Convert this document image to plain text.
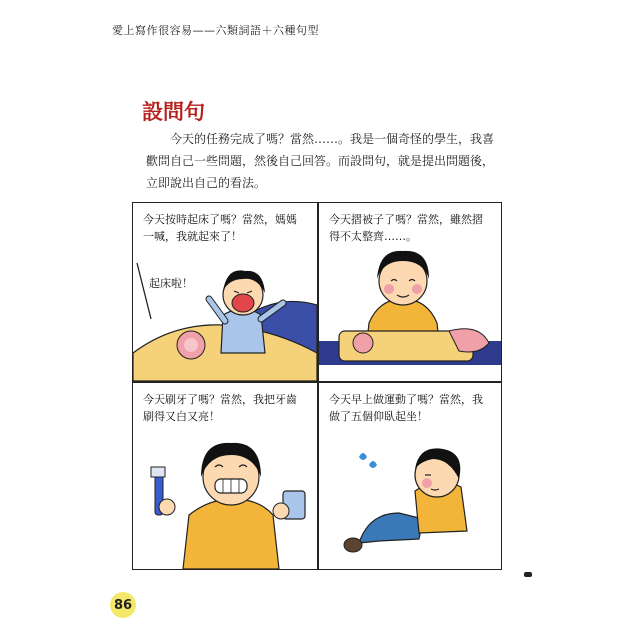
愛上寫作很容易——六類詞語＋六種句型
設問句
今天的任務完成了嗎？當然……。我是一個奇怪的學生，我喜歡問自己一些問題，然後自己回答。而設問句，就是提出問題後，立即說出自己的看法。
今天按時起床了嗎？當然，媽媽一喊，我就起來了！
起床啦！
今天摺被子了嗎？當然，雖然摺得不太整齊……。
今天刷牙了嗎？當然，我把牙齒刷得又白又亮！
今天早上做運動了嗎？當然，我做了五個仰臥起坐！
86
